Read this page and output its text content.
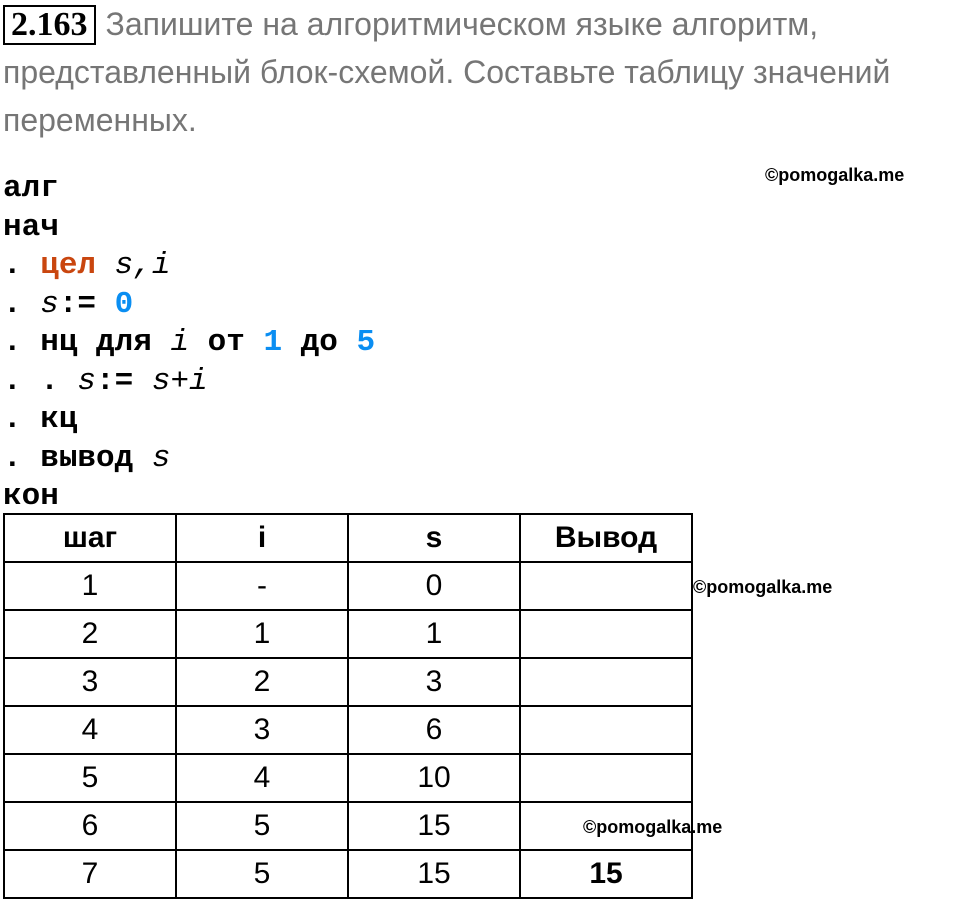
2.163 Запишите на алгоритмическом языке алгоритм, представленный блок-схемой. Составьте таблицу значений переменных.
©pomogalka.me
©pomogalka.me
©pomogalka.me
алг
нач
. цел s,i
. s:= 0
. нц для i от 1 до 5
. . s:= s+i
. кц
. вывод s
кон
шаг	i	s	Вывод
1	-	0	
2	1	1	
3	2	3	
4	3	6	
5	4	10	
6	5	15	
7	5	15	15
